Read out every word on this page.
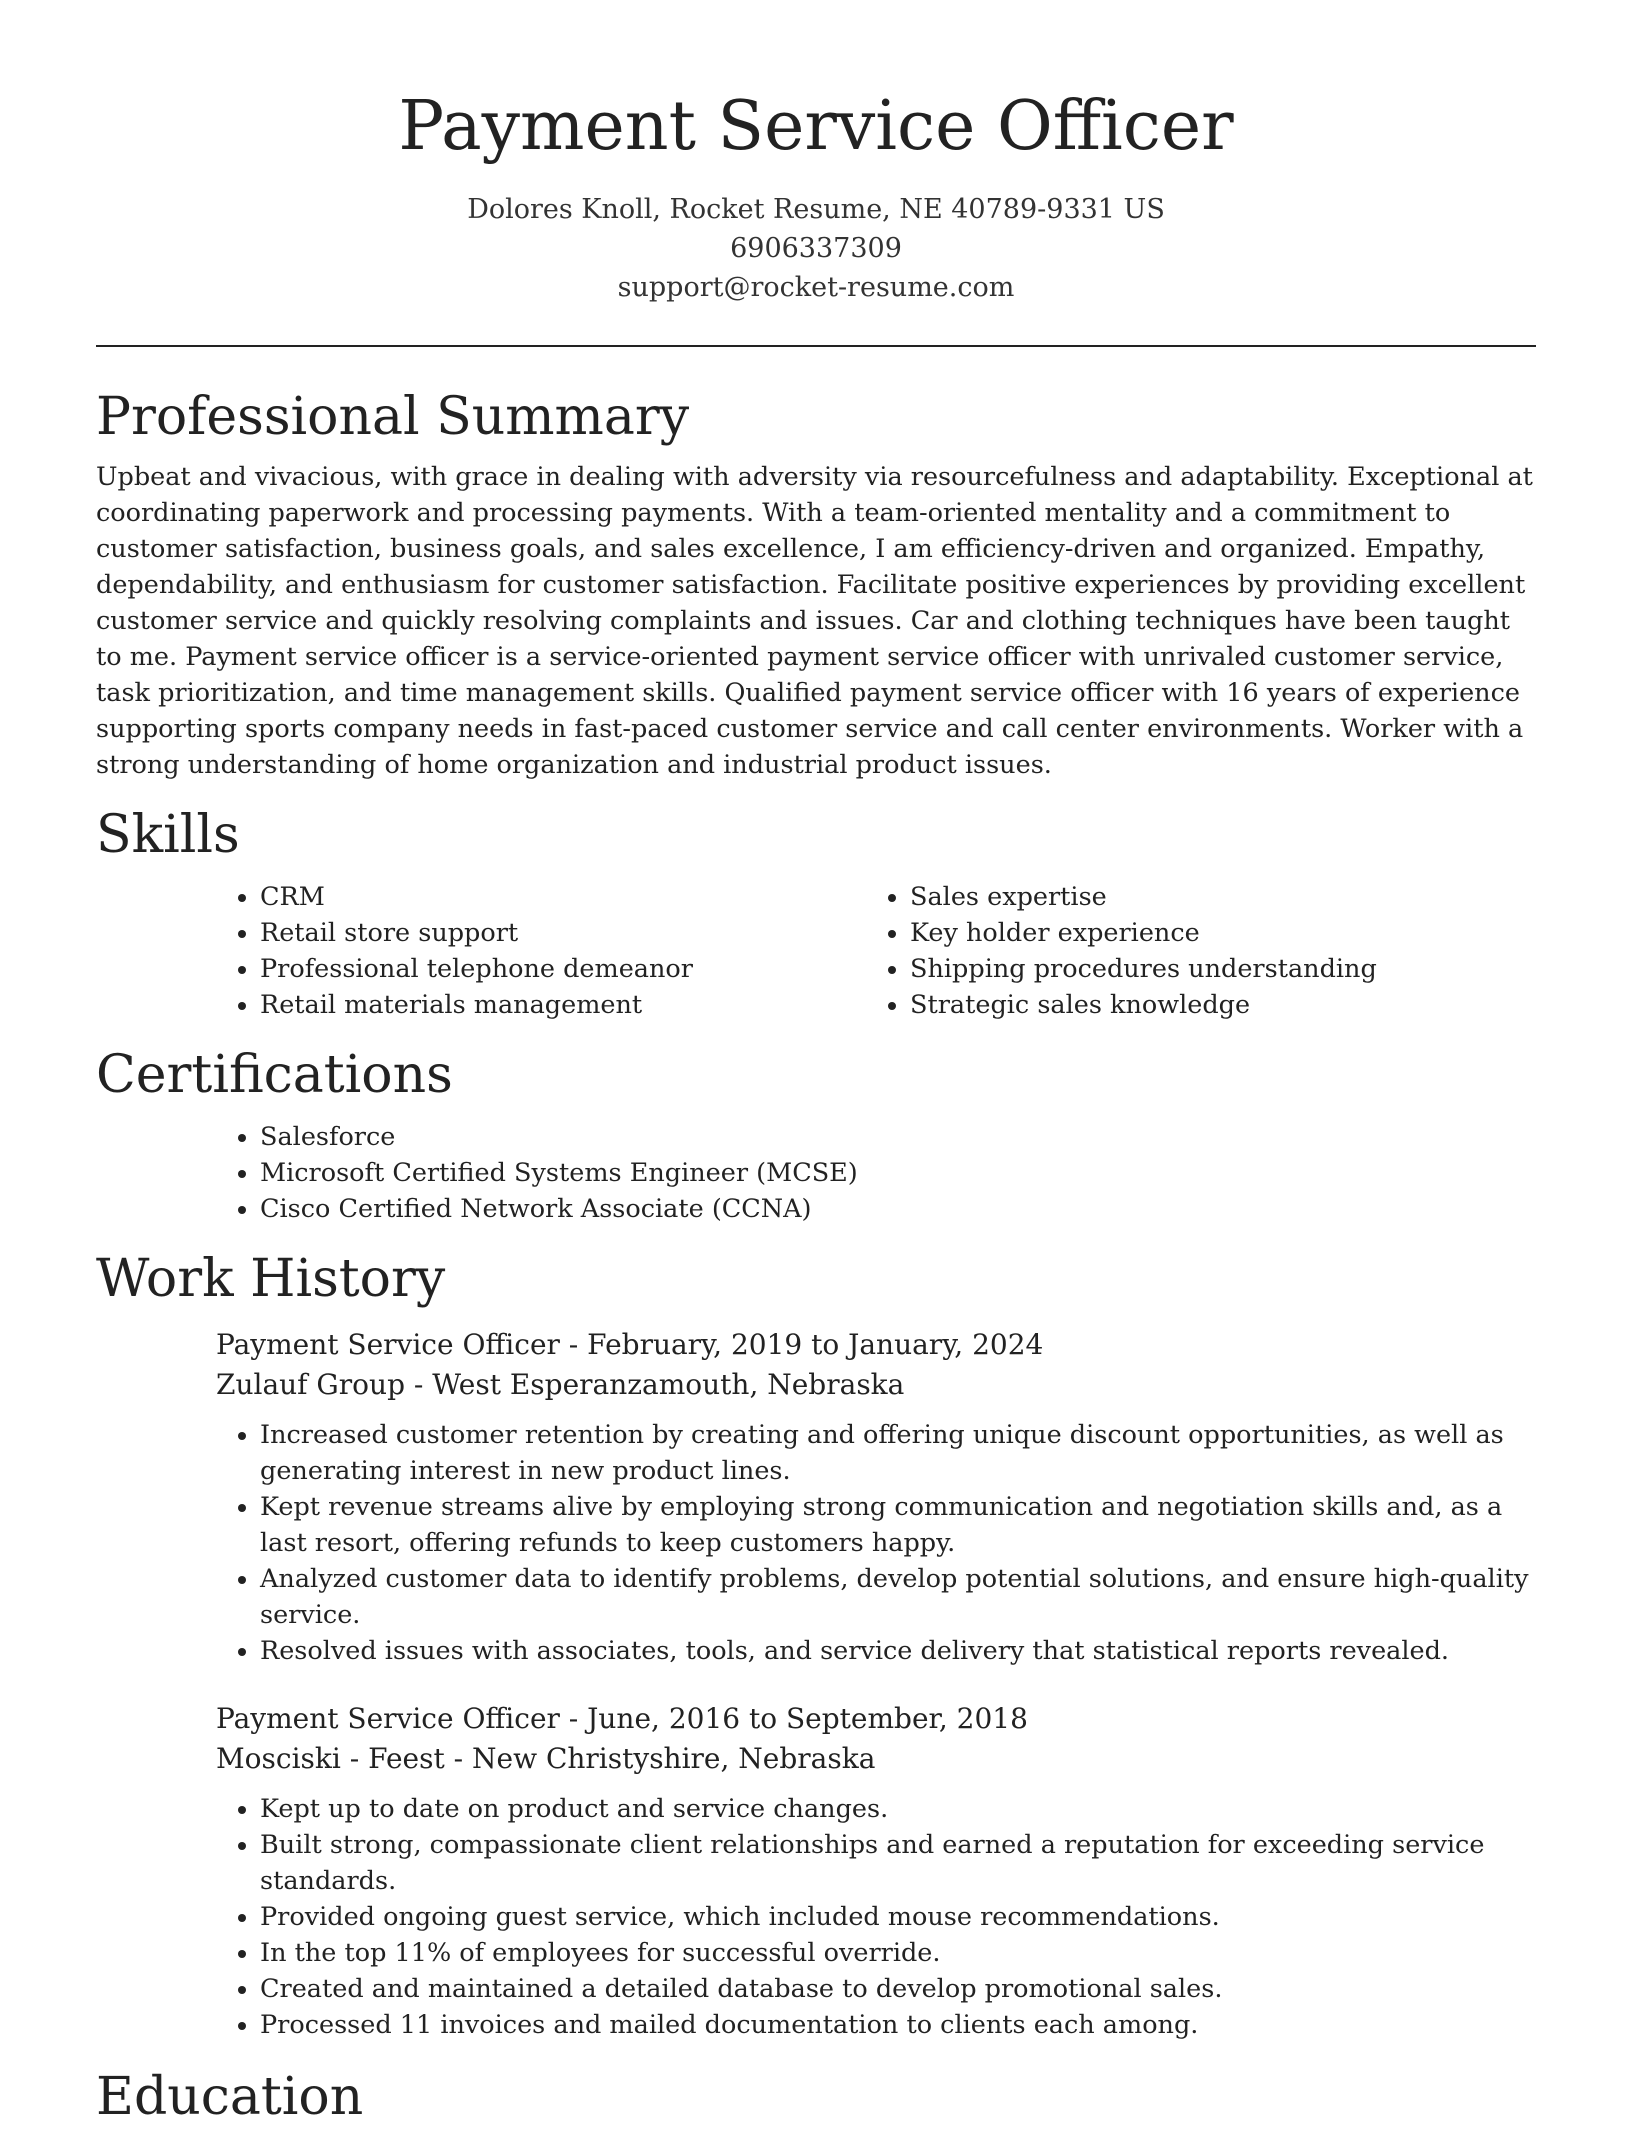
Payment Service Officer
Dolores Knoll, Rocket Resume, NE 40789-9331 US
6906337309
support@rocket-resume.com
Professional Summary

Upbeat and vivacious, with grace in dealing with adversity via resourcefulness and adaptability. Exceptional at coordinating paperwork and processing payments. With a team-oriented mentality and a commitment to customer satisfaction, business goals, and sales excellence, I am efficiency-driven and organized. Empathy, dependability, and enthusiasm for customer satisfaction. Facilitate positive experiences by providing excellent customer service and quickly resolving complaints and issues. Car and clothing techniques have been taught to me. Payment service officer is a service-oriented payment service officer with unrivaled customer service, task prioritization, and time management skills. Qualified payment service officer with 16 years of experience supporting sports company needs in fast-paced customer service and call center environments. Worker with a strong understanding of home organization and industrial product issues.

Skills
• CRM
• Retail store support
• Professional telephone demeanor
• Retail materials management
• Sales expertise
• Key holder experience
• Shipping procedures understanding
• Strategic sales knowledge
Certifications
• Salesforce
• Microsoft Certified Systems Engineer (MCSE)
• Cisco Certified Network Associate (CCNA)
Work History
Payment Service Officer - February, 2019 to January, 2024
Zulauf Group - West Esperanzamouth, Nebraska
• Increased customer retention by creating and offering unique discount opportunities, as well as generating interest in new product lines.
• Kept revenue streams alive by employing strong communication and negotiation skills and, as a last resort, offering refunds to keep customers happy.
• Analyzed customer data to identify problems, develop potential solutions, and ensure high-quality service.
• Resolved issues with associates, tools, and service delivery that statistical reports revealed.
Payment Service Officer - June, 2016 to September, 2018
Mosciski - Feest - New Christyshire, Nebraska
• Kept up to date on product and service changes.
• Built strong, compassionate client relationships and earned a reputation for exceeding service standards.
• Provided ongoing guest service, which included mouse recommendations.
• In the top 11% of employees for successful override.
• Created and maintained a detailed database to develop promotional sales.
• Processed 11 invoices and mailed documentation to clients each among.
Education
